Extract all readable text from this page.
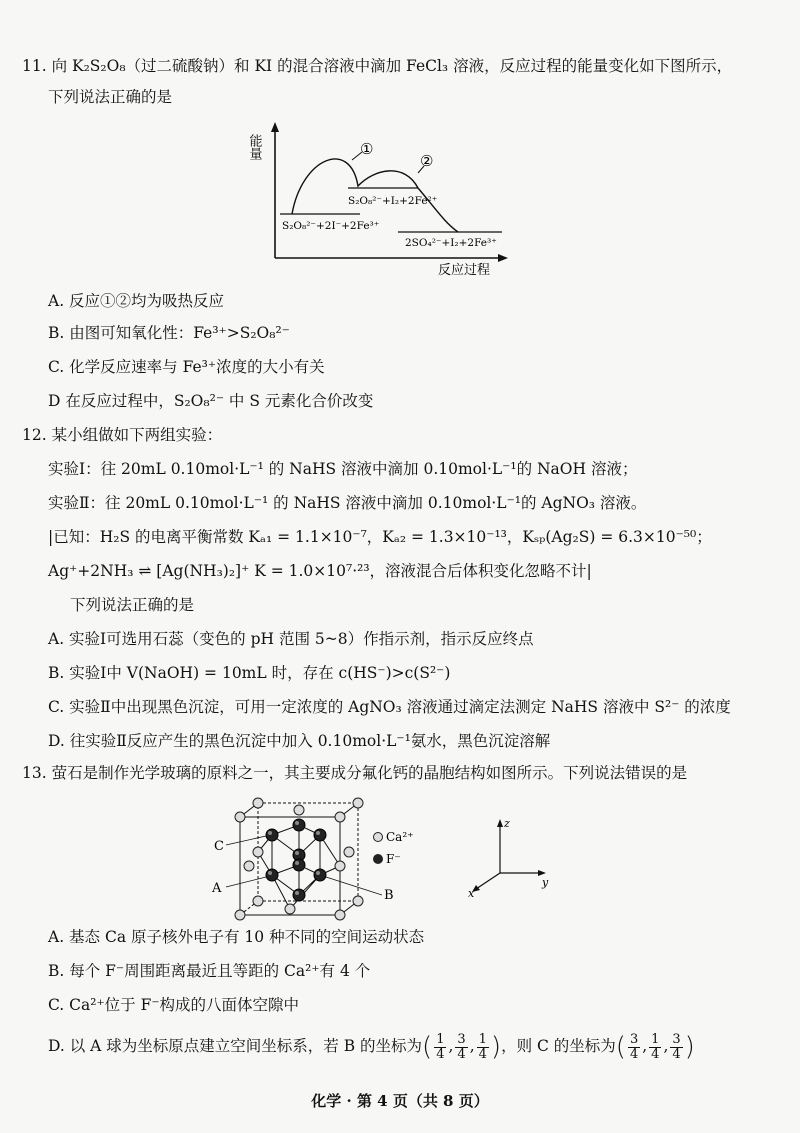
11. 向 K₂S₂O₈（过二硫酸钠）和 KI 的混合溶液中滴加 FeCl₃ 溶液，反应过程的能量变化如下图所示，
下列说法正确的是
能量
反应过程
①
②
S₂O₈²⁻+I₂+2Fe²⁺
S₂O₈²⁻+2I⁻+2Fe³⁺
2SO₄²⁻+I₂+2Fe³⁺
A. 反应①②均为吸热反应
B. 由图可知氧化性：Fe³⁺>S₂O₈²⁻
C. 化学反应速率与 Fe³⁺浓度的大小有关
D 在反应过程中，S₂O₈²⁻ 中 S 元素化合价改变
12. 某小组做如下两组实验：
实验Ⅰ：往 20mL 0.10mol·L⁻¹ 的 NaHS 溶液中滴加 0.10mol·L⁻¹的 NaOH 溶液；
实验Ⅱ：往 20mL 0.10mol·L⁻¹ 的 NaHS 溶液中滴加 0.10mol·L⁻¹的 AgNO₃ 溶液。
|已知：H₂S 的电离平衡常数 Kₐ₁ = 1.1×10⁻⁷，Kₐ₂ = 1.3×10⁻¹³，Kₛₚ(Ag₂S) = 6.3×10⁻⁵⁰；
Ag⁺+2NH₃ ⇌ [Ag(NH₃)₂]⁺ K = 1.0×10⁷·²³，溶液混合后体积变化忽略不计|
下列说法正确的是
A. 实验Ⅰ可选用石蕊（变色的 pH 范围 5~8）作指示剂，指示反应终点
B. 实验Ⅰ中 V(NaOH) = 10mL 时，存在 c(HS⁻)>c(S²⁻)
C. 实验Ⅱ中出现黑色沉淀，可用一定浓度的 AgNO₃ 溶液通过滴定法测定 NaHS 溶液中 S²⁻ 的浓度
D. 往实验Ⅱ反应产生的黑色沉淀中加入 0.10mol·L⁻¹氨水，黑色沉淀溶解
13. 萤石是制作光学玻璃的原料之一，其主要成分氟化钙的晶胞结构如图所示。下列说法错误的是
C
A	B
Ca²⁺
F⁻
z
y
x
A. 基态 Ca 原子核外电子有 10 种不同的空间运动状态
B. 每个 F⁻周围距离最近且等距的 Ca²⁺有 4 个
C. Ca²⁺位于 F⁻构成的八面体空隙中
D. 以 A 球为坐标原点建立空间坐标系，若 B 的坐标为( $\frac{1}{4}$ , $\frac{3}{4}$ , $\frac{1}{4}$ )，则 C 的坐标为( $\frac{3}{4}$ , $\frac{1}{4}$ , $\frac{3}{4}$ )
化学 · 第 4 页（共 8 页）
